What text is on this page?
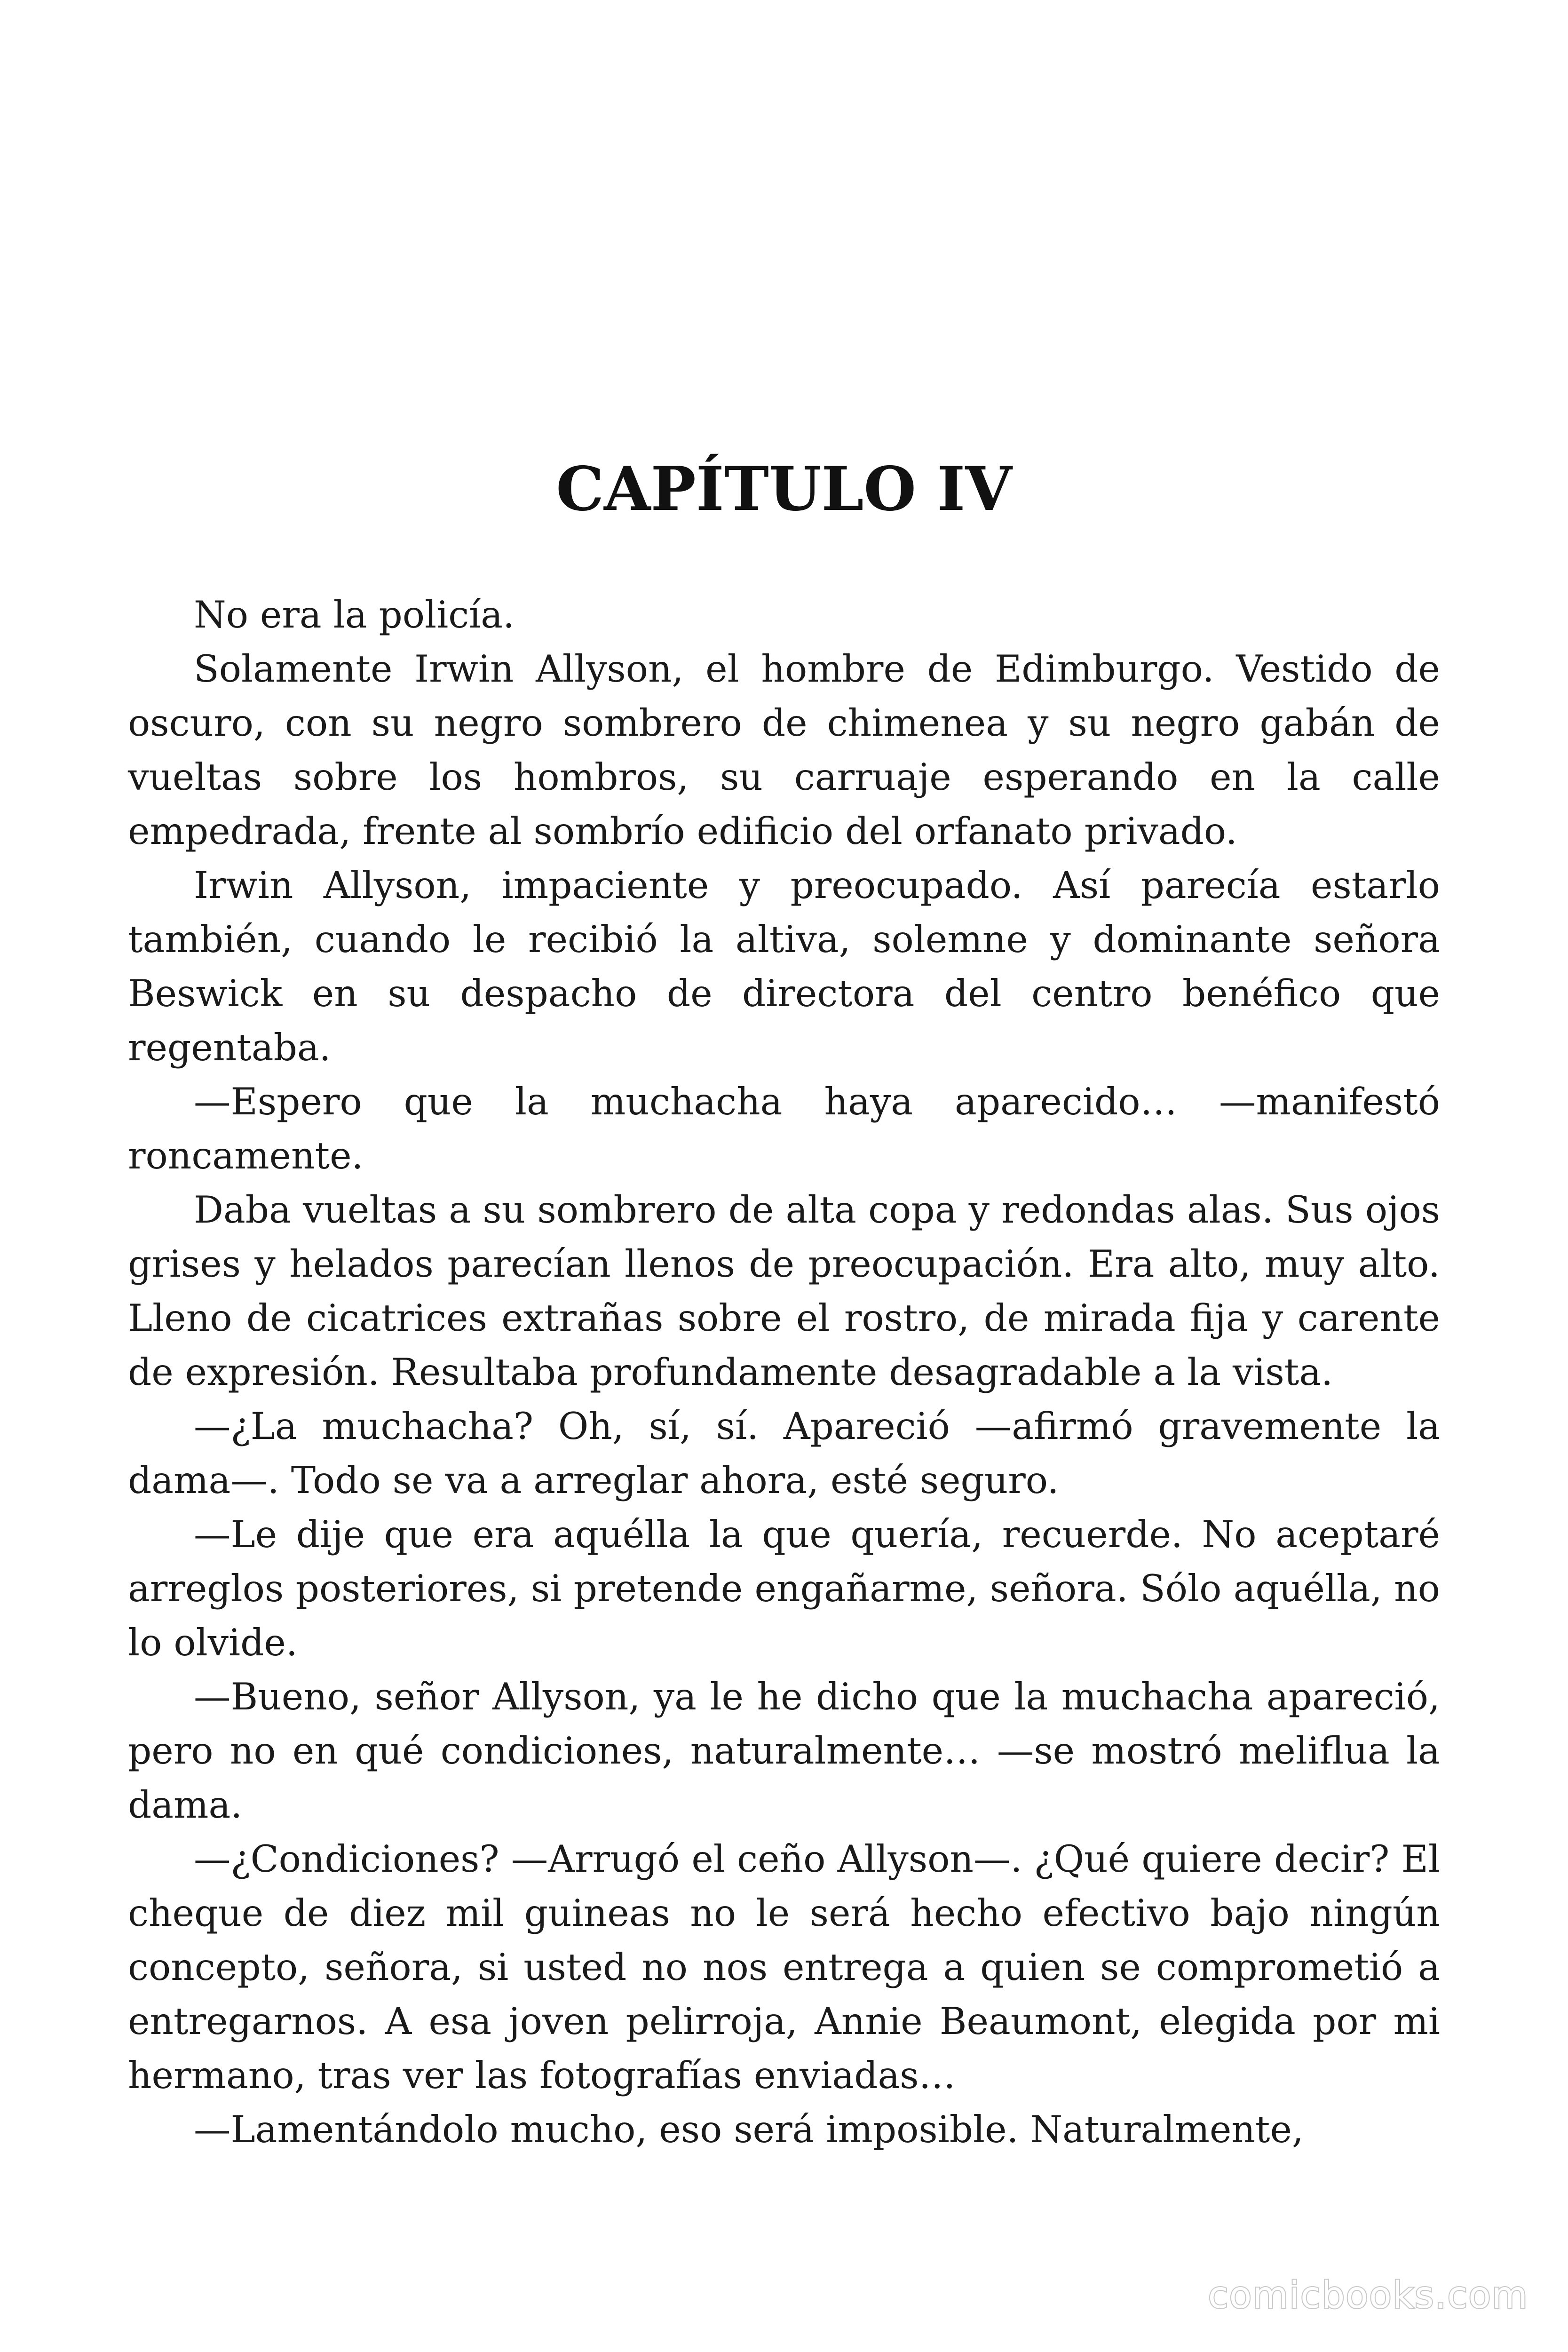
CAPÍTULO IV

No era la policía.

Solamente Irwin Allyson, el hombre de Edimburgo. Vestido de oscuro, con su negro sombrero de chimenea y su negro gabán de vueltas sobre los hombros, su carruaje esperando en la calle empedrada, frente al sombrío edificio del orfanato privado.

Irwin Allyson, impaciente y preocupado. Así parecía estarlo también, cuando le recibió la altiva, solemne y dominante señora Beswick en su despacho de directora del centro benéfico que regentaba.

—Espero que la muchacha haya aparecido… —manifestó roncamente.

Daba vueltas a su sombrero de alta copa y redondas alas. Sus ojos grises y helados parecían llenos de preocupación. Era alto, muy alto. Lleno de cicatrices extrañas sobre el rostro, de mirada fija y carente de expresión. Resultaba profundamente desagradable a la vista.

—¿La muchacha? Oh, sí, sí. Apareció —afirmó gravemente la dama—. Todo se va a arreglar ahora, esté seguro.

—Le dije que era aquélla la que quería, recuerde. No aceptaré arreglos posteriores, si pretende engañarme, señora. Sólo aquélla, no lo olvide.

—Bueno, señor Allyson, ya le he dicho que la muchacha apareció, pero no en qué condiciones, naturalmente… —se mostró meliflua la dama.

—¿Condiciones? —Arrugó el ceño Allyson—. ¿Qué quiere decir? El cheque de diez mil guineas no le será hecho efectivo bajo ningún concepto, señora, si usted no nos entrega a quien se comprometió a entregarnos. A esa joven pelirroja, Annie Beaumont, elegida por mi hermano, tras ver las fotografías enviadas…

—Lamentándolo mucho, eso será imposible. Naturalmente,

comicbooks.com
